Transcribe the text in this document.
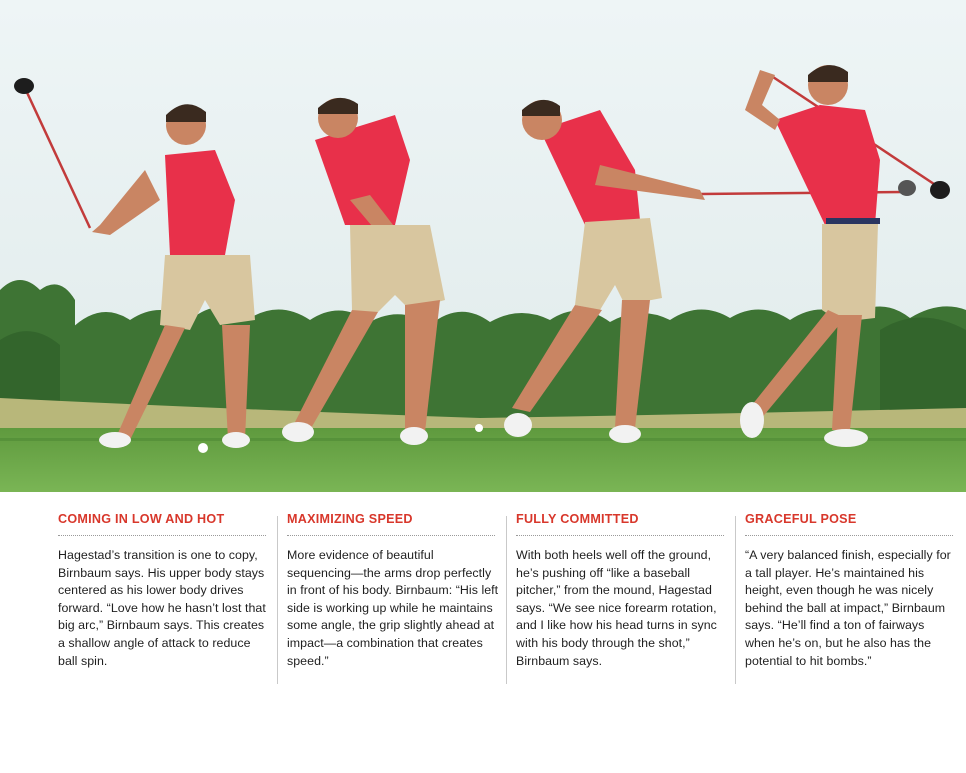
COMING IN LOW AND HOT
Hagestad’s transition is one to copy, Birnbaum says. His upper body stays centered as his lower body drives forward. “Love how he hasn’t lost that big arc,” Birnbaum says. This creates a shallow angle of attack to reduce ball spin.
MAXIMIZING SPEED
More evidence of beautiful sequencing—the arms drop perfectly in front of his body. Birnbaum: “His left side is working up while he maintains some angle, the grip slightly ahead at impact—a combination that creates speed.”
FULLY COMMITTED
With both heels well off the ground, he’s pushing off “like a baseball pitcher,” from the mound, Hagestad says. “We see nice forearm rotation, and I like how his head turns in sync with his body through the shot,” Birnbaum says.
GRACEFUL POSE
“A very balanced finish, especially for a tall player. He’s maintained his height, even though he was nicely behind the ball at impact,” Birnbaum says. “He’ll find a ton of fairways when he’s on, but he also has the potential to hit bombs.”
